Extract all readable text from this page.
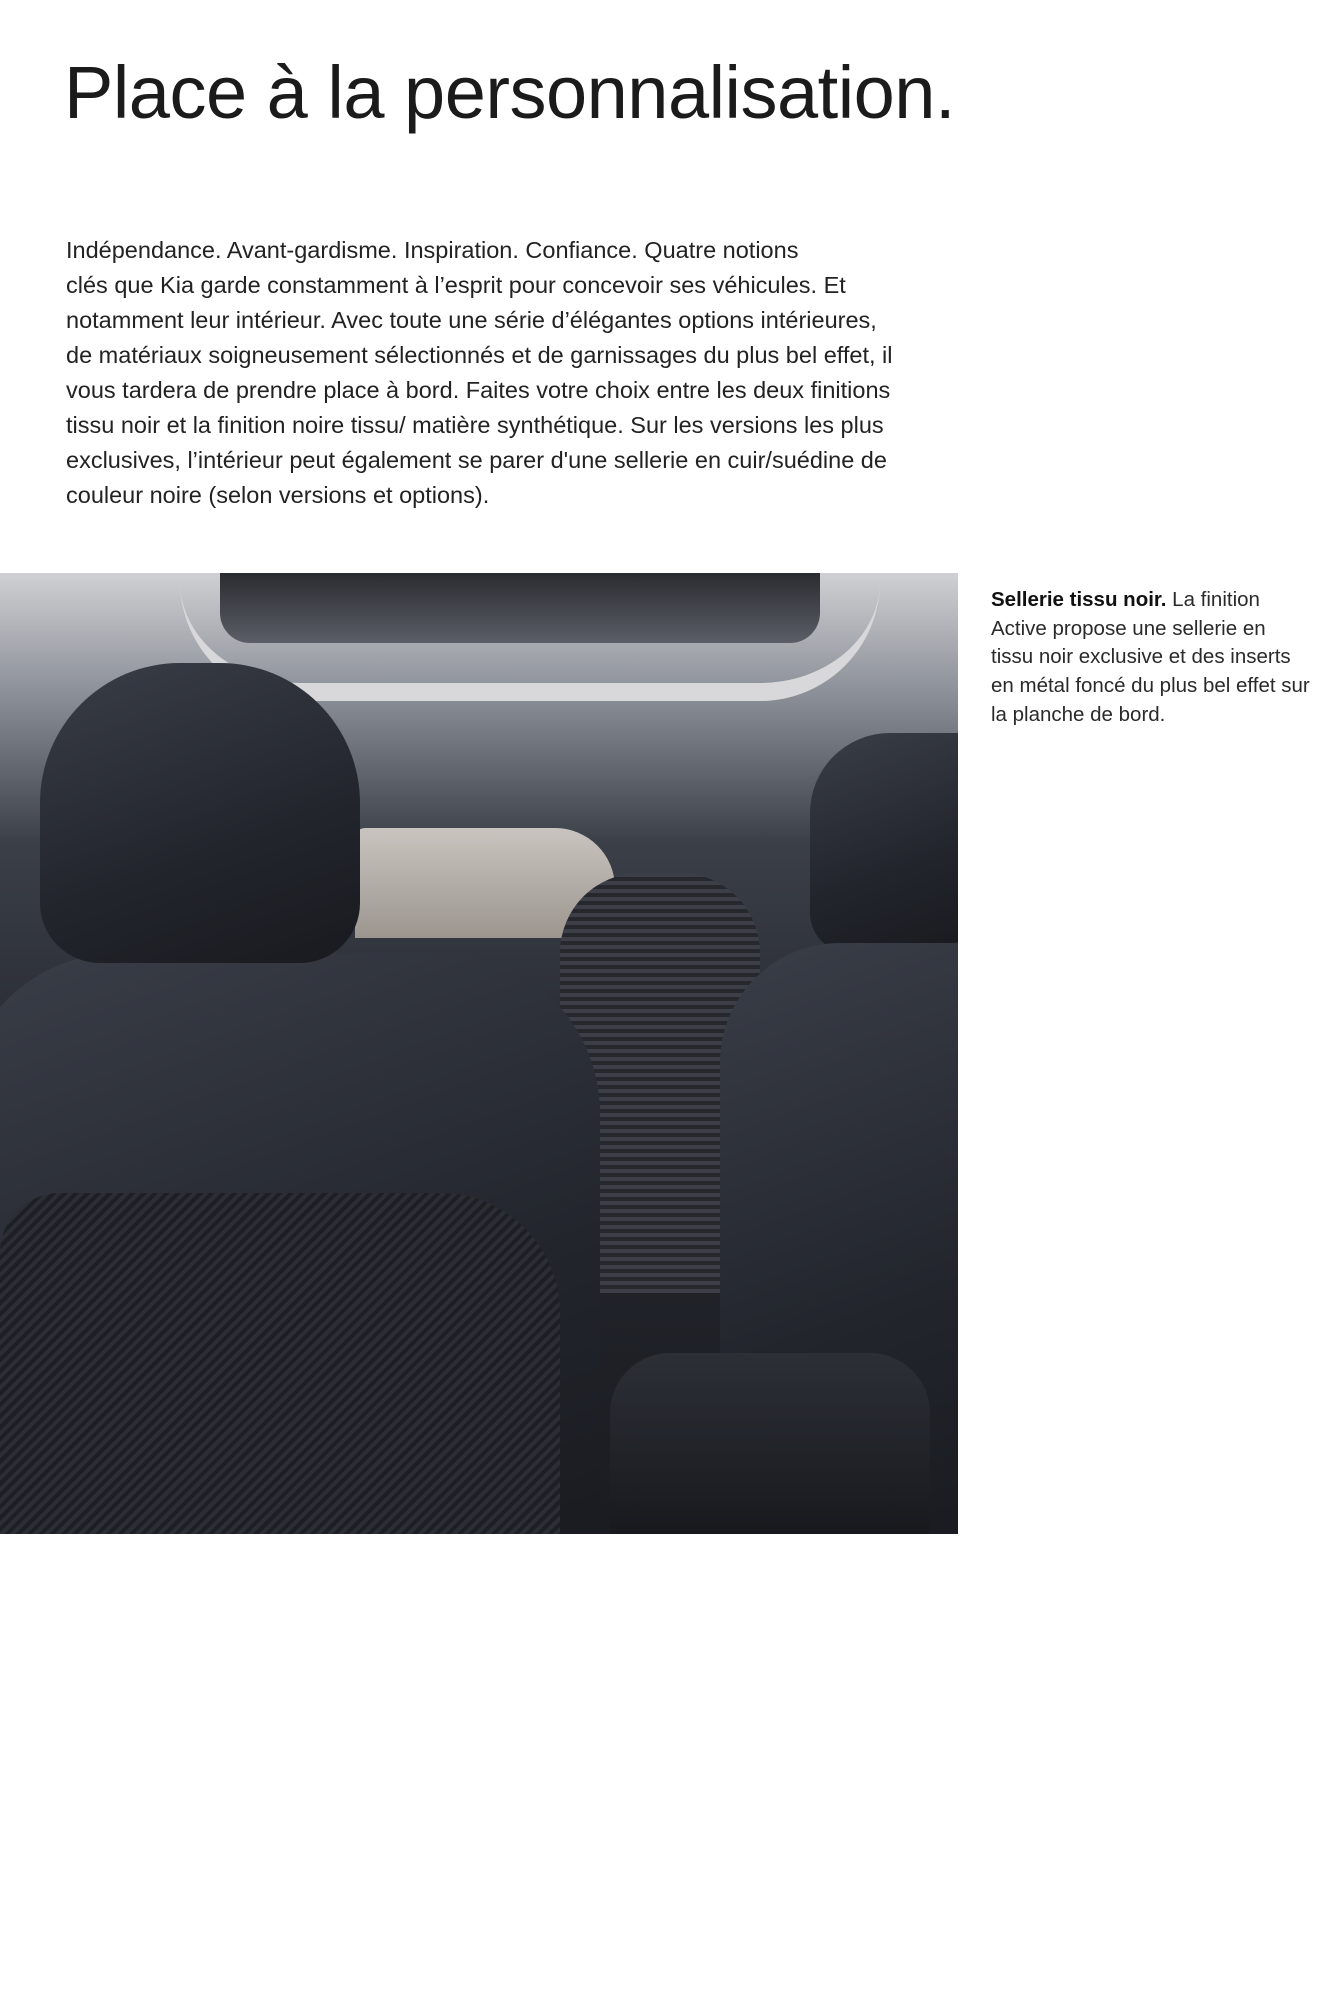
Place à la personnalisation.
Indépendance. Avant-gardisme. Inspiration. Confiance. Quatre notions
clés que Kia garde constamment à l’esprit pour concevoir ses véhicules. Et
notamment leur intérieur. Avec toute une série d’élégantes options intérieures,
de matériaux soigneusement sélectionnés et de garnissages du plus bel effet, il
vous tardera de prendre place à bord. Faites votre choix entre les deux finitions
tissu noir et la finition noire tissu/ matière synthétique. Sur les versions les plus
exclusives, l’intérieur peut également se parer d'une sellerie en cuir/suédine de
couleur noire (selon versions et options).
Sellerie tissu noir. La finition Active propose une sellerie en tissu noir exclusive et des inserts en métal foncé du plus bel effet sur la planche de bord.
